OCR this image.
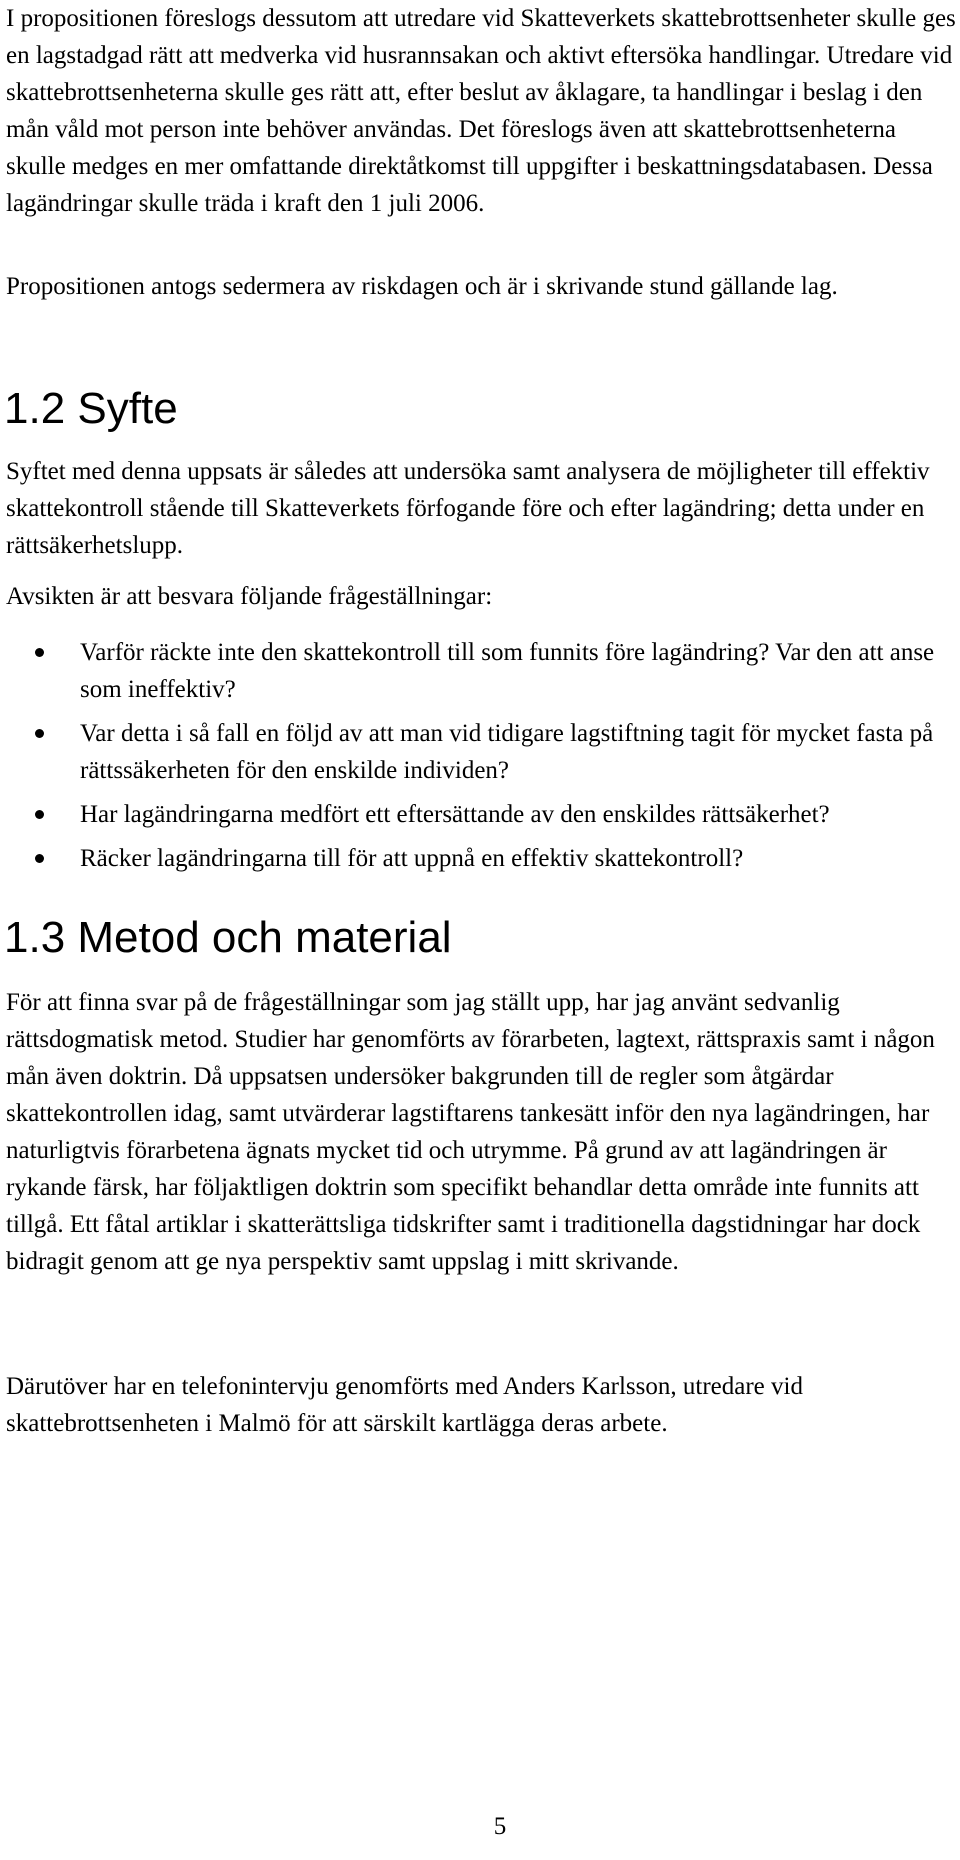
I propositionen föreslogs dessutom att utredare vid Skatteverkets skattebrottsenheter skulle ges en lagstadgad rätt att medverka vid husrannsakan och aktivt eftersöka handlingar. Utredare vid skattebrottsenheterna skulle ges rätt att, efter beslut av åklagare, ta handlingar i beslag i den mån våld mot person inte behöver användas. Det föreslogs även att skattebrottsenheterna skulle medges en mer omfattande direktåtkomst till uppgifter i beskattningsdatabasen. Dessa lagändringar skulle träda i kraft den 1 juli 2006.

Propositionen antogs sedermera av riskdagen och är i skrivande stund gällande lag.

1.2 Syfte

Syftet med denna uppsats är således att undersöka samt analysera de möjligheter till effektiv skattekontroll stående till Skatteverkets förfogande före och efter lagändring; detta under en rättsäkerhetslupp.

Avsikten är att besvara följande frågeställningar:

Varför räckte inte den skattekontroll till som funnits före lagändring? Var den att anse som ineffektiv?
Var detta i så fall en följd av att man vid tidigare lagstiftning tagit för mycket fasta på rättssäkerheten för den enskilde individen?
Har lagändringarna medfört ett eftersättande av den enskildes rättsäkerhet?
Räcker lagändringarna till för att uppnå en effektiv skattekontroll?
1.3 Metod och material

För att finna svar på de frågeställningar som jag ställt upp, har jag använt sedvanlig rättsdogmatisk metod. Studier har genomförts av förarbeten, lagtext, rättspraxis samt i någon mån även doktrin. Då uppsatsen undersöker bakgrunden till de regler som åtgärdar skattekontrollen idag, samt utvärderar lagstiftarens tankesätt inför den nya lagändringen, har naturligtvis förarbetena ägnats mycket tid och utrymme. På grund av att lagändringen är rykande färsk, har följaktligen doktrin som specifikt behandlar detta område inte funnits att tillgå. Ett fåtal artiklar i skatterättsliga tidskrifter samt i traditionella dagstidningar har dock bidragit genom att ge nya perspektiv samt uppslag i mitt skrivande.

Därutöver har en telefonintervju genomförts med Anders Karlsson, utredare vid skattebrottsenheten i Malmö för att särskilt kartlägga deras arbete.

5
